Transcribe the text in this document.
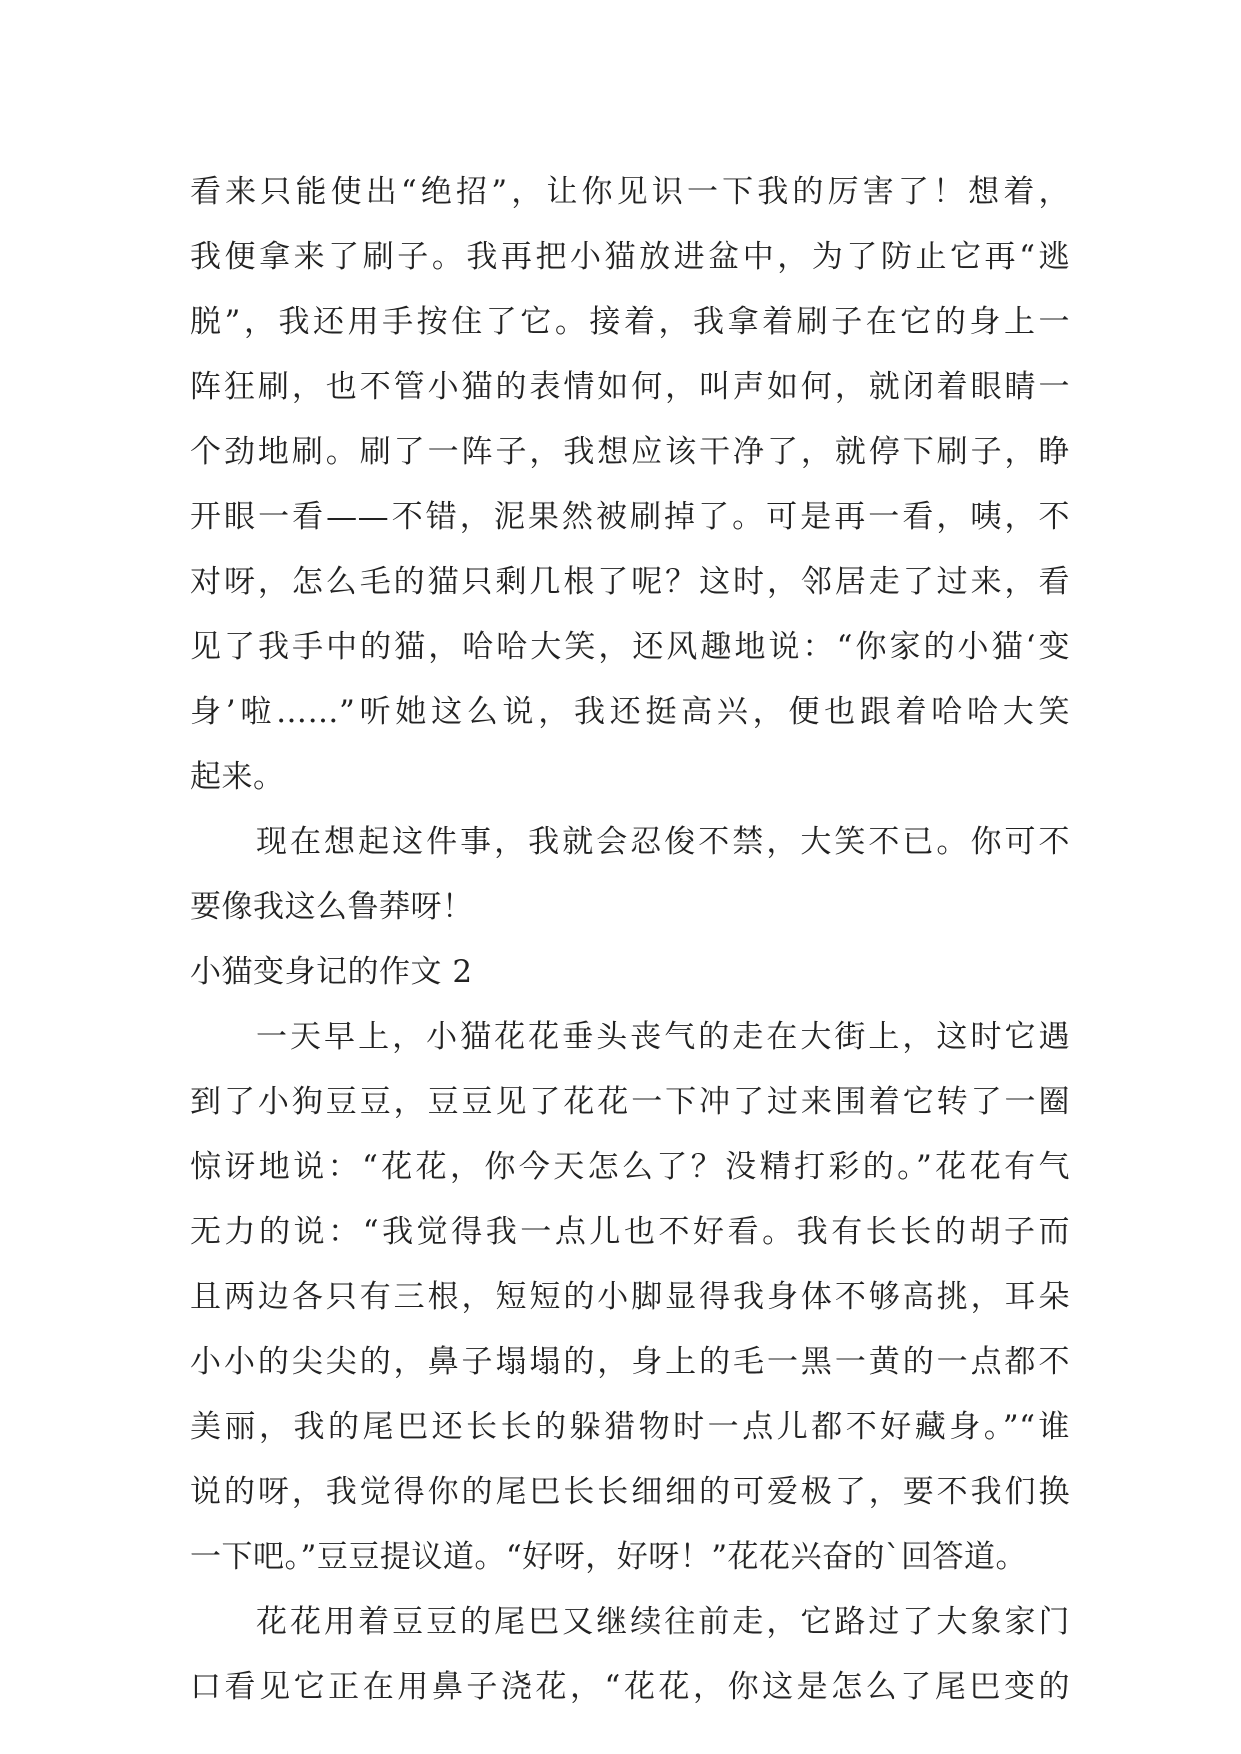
看来只能使出“绝招”，让你见识一下我的厉害了！想着，
我便拿来了刷子。我再把小猫放进盆中，为了防止它再“逃
脱”，我还用手按住了它。接着，我拿着刷子在它的身上一
阵狂刷，也不管小猫的表情如何，叫声如何，就闭着眼睛一
个劲地刷。刷了一阵子，我想应该干净了，就停下刷子，睁
开眼一看——不错，泥果然被刷掉了。可是再一看，咦，不
对呀，怎么毛的猫只剩几根了呢？这时，邻居走了过来，看
见了我手中的猫，哈哈大笑，还风趣地说：“你家的小猫‘变
身’啦……”听她这么说，我还挺高兴，便也跟着哈哈大笑
起来。
现在想起这件事，我就会忍俊不禁，大笑不已。你可不
要像我这么鲁莽呀！
小猫变身记的作文 2
一天早上，小猫花花垂头丧气的走在大街上，这时它遇
到了小狗豆豆，豆豆见了花花一下冲了过来围着它转了一圈
惊讶地说：“花花，你今天怎么了？没精打彩的。”花花有气
无力的说：“我觉得我一点儿也不好看。我有长长的胡子而
且两边各只有三根，短短的小脚显得我身体不够高挑，耳朵
小小的尖尖的，鼻子塌塌的，身上的毛一黑一黄的一点都不
美丽，我的尾巴还长长的躲猎物时一点儿都不好藏身。”“谁
说的呀，我觉得你的尾巴长长细细的可爱极了，要不我们换
一下吧。”豆豆提议道。“好呀，好呀！”花花兴奋的`回答道。
花花用着豆豆的尾巴又继续往前走，它路过了大象家门
口看见它正在用鼻子浇花，“花花，你这是怎么了尾巴变的
